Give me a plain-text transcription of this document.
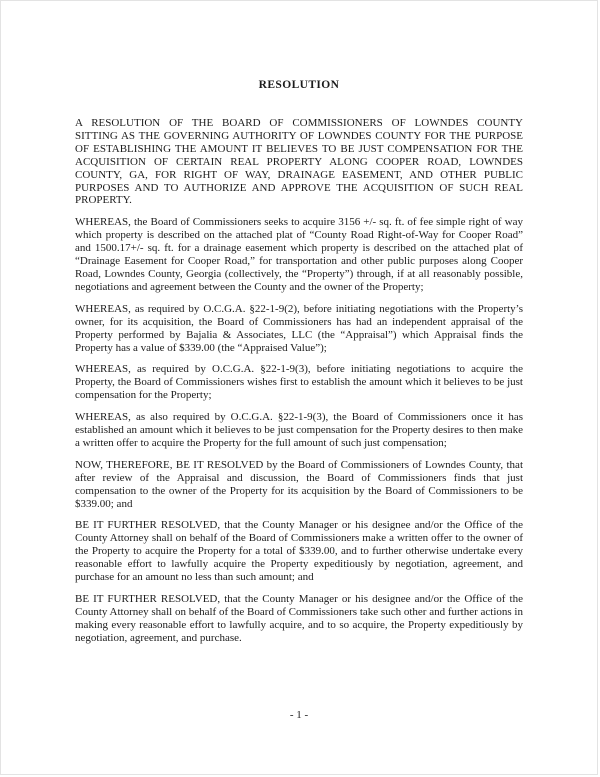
RESOLUTION

A RESOLUTION OF THE BOARD OF COMMISSIONERS OF LOWNDES COUNTY SITTING AS THE GOVERNING AUTHORITY OF LOWNDES COUNTY FOR THE PURPOSE OF ESTABLISHING THE AMOUNT IT BELIEVES TO BE JUST COMPENSATION FOR THE ACQUISITION OF CERTAIN REAL PROPERTY ALONG COOPER ROAD, LOWNDES COUNTY, GA, FOR RIGHT OF WAY, DRAINAGE EASEMENT, AND OTHER PUBLIC PURPOSES AND TO AUTHORIZE AND APPROVE THE ACQUISITION OF SUCH REAL PROPERTY.

WHEREAS, the Board of Commissioners seeks to acquire 3156 +/- sq. ft. of fee simple right of way which property is described on the attached plat of “County Road Right-of-Way for Cooper Road” and 1500.17+/- sq. ft. for a drainage easement which property is described on the attached plat of “Drainage Easement for Cooper Road,” for transportation and other public purposes along Cooper Road, Lowndes County, Georgia (collectively, the “Property”) through, if at all reasonably possible, negotiations and agreement between the County and the owner of the Property;

WHEREAS, as required by O.C.G.A. §22-1-9(2), before initiating negotiations with the Property’s owner, for its acquisition, the Board of Commissioners has had an independent appraisal of the Property performed by Bajalia & Associates, LLC (the “Appraisal”) which Appraisal finds the Property has a value of $339.00 (the “Appraised Value”);

WHEREAS, as required by O.C.G.A. §22-1-9(3), before initiating negotiations to acquire the Property, the Board of Commissioners wishes first to establish the amount which it believes to be just compensation for the Property;

WHEREAS, as also required by O.C.G.A. §22-1-9(3), the Board of Commissioners once it has established an amount which it believes to be just compensation for the Property desires to then make a written offer to acquire the Property for the full amount of such just compensation;

NOW, THEREFORE, BE IT RESOLVED by the Board of Commissioners of Lowndes County, that after review of the Appraisal and discussion, the Board of Commissioners finds that just compensation to the owner of the Property for its acquisition by the Board of Commissioners to be $339.00; and

BE IT FURTHER RESOLVED, that the County Manager or his designee and/or the Office of the County Attorney shall on behalf of the Board of Commissioners make a written offer to the owner of the Property to acquire the Property for a total of $339.00, and to further otherwise undertake every reasonable effort to lawfully acquire the Property expeditiously by negotiation, agreement, and purchase for an amount no less than such amount; and

BE IT FURTHER RESOLVED, that the County Manager or his designee and/or the Office of the County Attorney shall on behalf of the Board of Commissioners take such other and further actions in making every reasonable effort to lawfully acquire, and to so acquire, the Property expeditiously by negotiation, agreement, and purchase.

- 1 -
